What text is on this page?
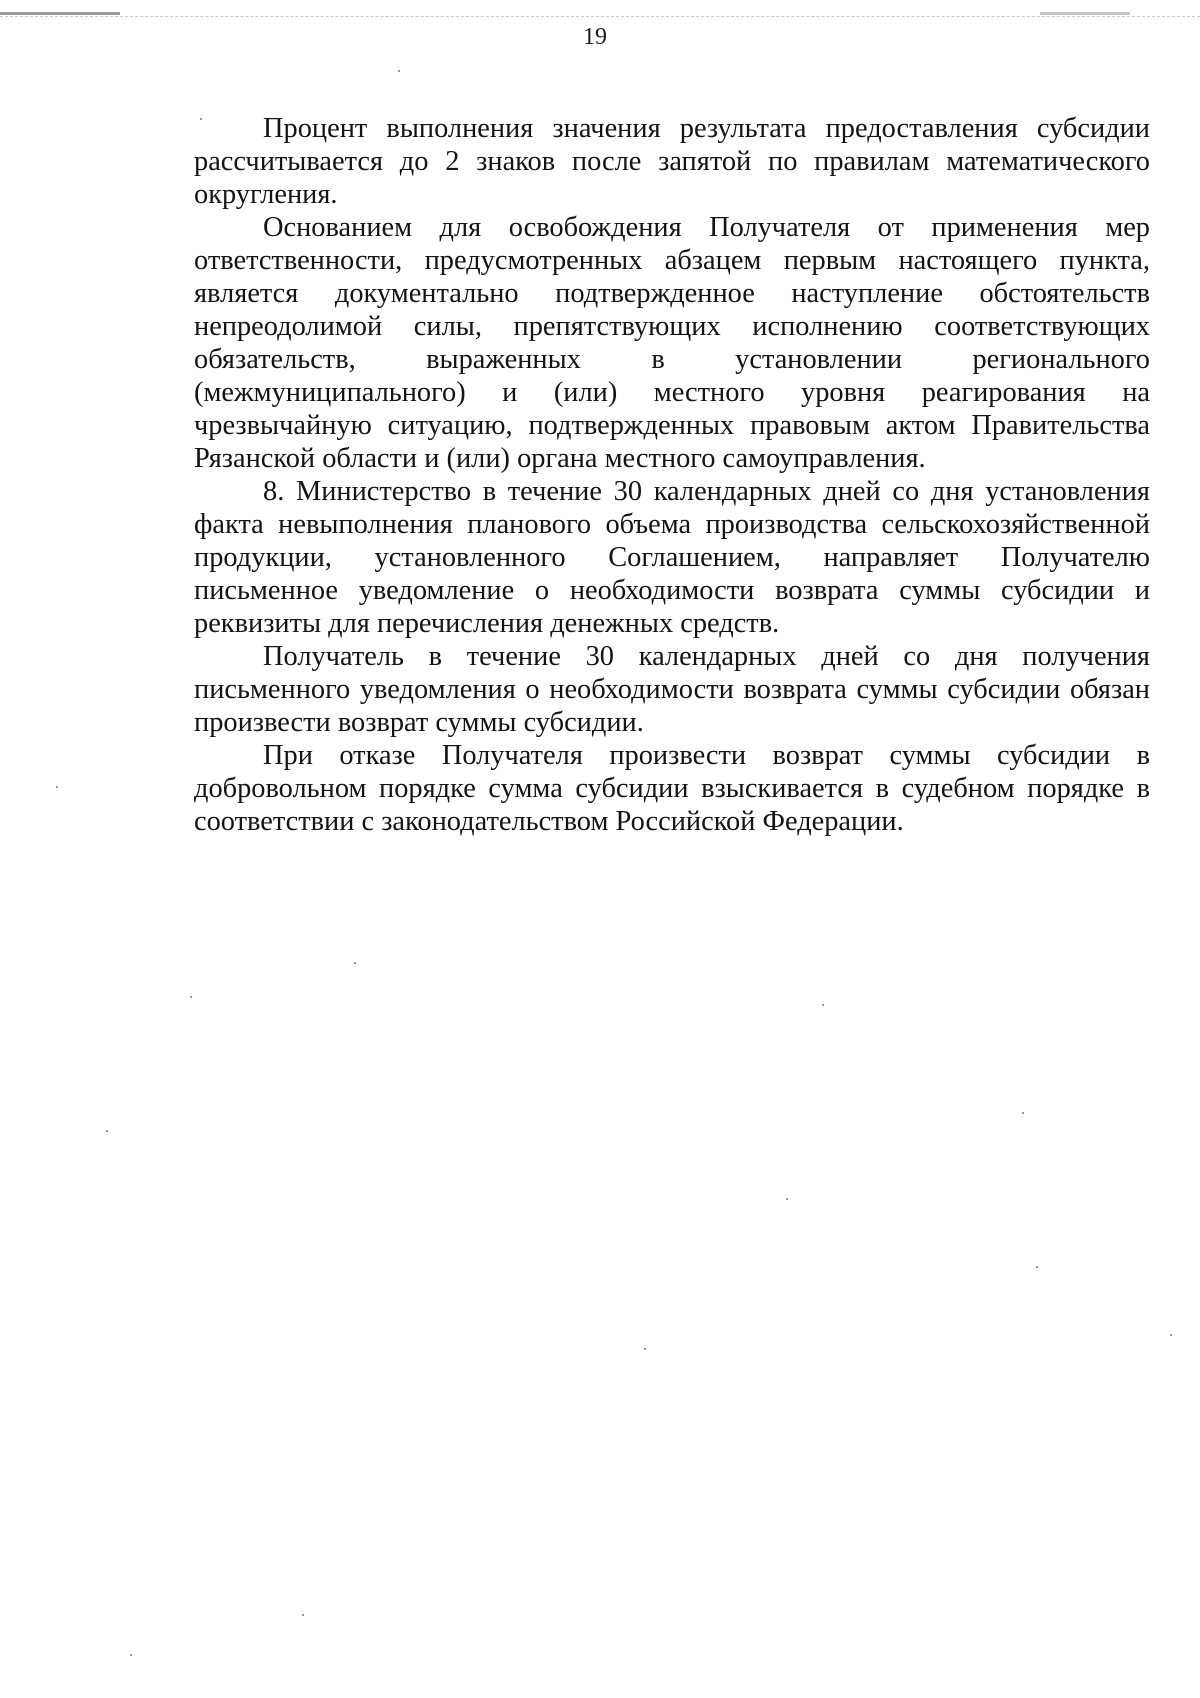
19

Процент выполнения значения результата предоставления субсидии рассчитывается до 2 знаков после запятой по правилам математического округления.

Основанием для освобождения Получателя от применения мер ответственности, предусмотренных абзацем первым настоящего пункта, является документально подтвержденное наступление обстоятельств непреодолимой силы, препятствующих исполнению соответствующих обязательств, выраженных в установлении регионального (межмуниципального) и (или) местного уровня реагирования на чрезвычайную ситуацию, подтвержденных правовым актом Правительства Рязанской области и (или) органа местного самоуправления.

8. Министерство в течение 30 календарных дней со дня установления факта невыполнения планового объема производства сельскохозяйственной продукции, установленного Соглашением, направляет Получателю письменное уведомление о необходимости возврата суммы субсидии и реквизиты для перечисления денежных средств.

Получатель в течение 30 календарных дней со дня получения письменного уведомления о необходимости возврата суммы субсидии обязан произвести возврат суммы субсидии.

При отказе Получателя произвести возврат суммы субсидии в добровольном порядке сумма субсидии взыскивается в судебном порядке в соответствии с законодательством Российской Федерации.
